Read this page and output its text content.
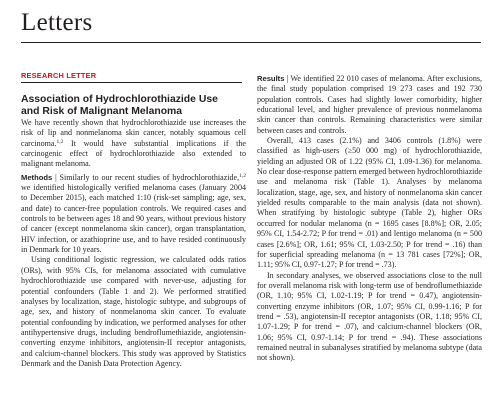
Letters
RESEARCH LETTER
Association of Hydrochlorothiazide Use
and Risk of Malignant Melanoma

We have recently shown that hydrochlorothiazide use increases the risk of lip and nonmelanoma skin cancer, notably squamous cell carcinoma.$^{1,2}$ It would have substantial implications if the carcinogenic effect of hydrochlorothiazide also extended to malignant melanoma.

Methods | Similarly to our recent studies of hydrochlorothiazide,$^{1,2}$ we identified histologically verified melanoma cases (January 2004 to December 2015), each matched 1:10 (risk-set sampling; age, sex, and date) to cancer-free population controls. We required cases and controls to be between ages 18 and 90 years, without previous history of cancer (except nonmelanoma skin cancer), organ transplantation, HIV infection, or azathioprine use, and to have resided continuously in Denmark for 10 years.

Using conditional logistic regression, we calculated odds ratios (ORs), with 95% CIs, for melanoma associated with cumulative hydrochlorothiazide use compared with never-use, adjusting for potential confounders (Table 1 and 2). We performed stratified analyses by localization, stage, histologic subtype, and subgroups of age, sex, and history of nonmelanoma skin cancer. To evaluate potential confounding by indication, we performed analyses for other antihypertensive drugs, including bendroflumethiazide, angiotensin-converting enzyme inhibitors, angiotensin-II receptor antagonists, and calcium-channel blockers. This study was approved by Statistics Denmark and the Danish Data Protection Agency.

Results | We identified 22 010 cases of melanoma. After exclusions, the final study population comprised 19 273 cases and 192 730 population controls. Cases had slightly lower comorbidity, higher educational level, and higher prevalence of previous nonmelanoma skin cancer than controls. Remaining characteristics were similar between cases and controls.

Overall, 413 cases (2.1%) and 3406 controls (1.8%) were classified as high-users (≥50 000 mg) of hydrochlorothiazide, yielding an adjusted OR of 1.22 (95% CI, 1.09-1.36) for melanoma. No clear dose-response pattern emerged between hydrochlorothiazide use and melanoma risk (Table 1). Analyses by melanoma localization, stage, age, sex, and history of nonmelanoma skin cancer yielded results comparable to the main analysis (data not shown). When stratifying by histologic subtype (Table 2), higher ORs occurred for nodular melanoma (n = 1695 cases [8.8%]; OR, 2.05; 95% CI, 1.54-2.72; P for trend = .01) and lentigo melanoma (n = 500 cases [2.6%]; OR, 1.61; 95% CI, 1.03-2.50; P for trend = .16) than for superficial spreading melanoma (n = 13 781 cases [72%]; OR, 1.11; 95% CI, 0.97-1.27; P for trend = .73).

In secondary analyses, we observed associations close to the null for overall melanoma risk with long-term use of bendroflumethiazide (OR, 1.10; 95% CI, 1.02-1.19; P for trend = 0.47), angiotensin-converting enzyme inhibitors (OR, 1.07; 95% CI, 0.99-1.16; P for trend = .53), angiotensin-II receptor antagonists (OR, 1.18; 95% CI, 1.07-1.29; P for trend = .07), and calcium-channel blockers (OR, 1.06; 95% CI, 0.97-1.14; P for trend = .94). These associations remained neutral in subanalyses stratified by melanoma subtype (data not shown).
